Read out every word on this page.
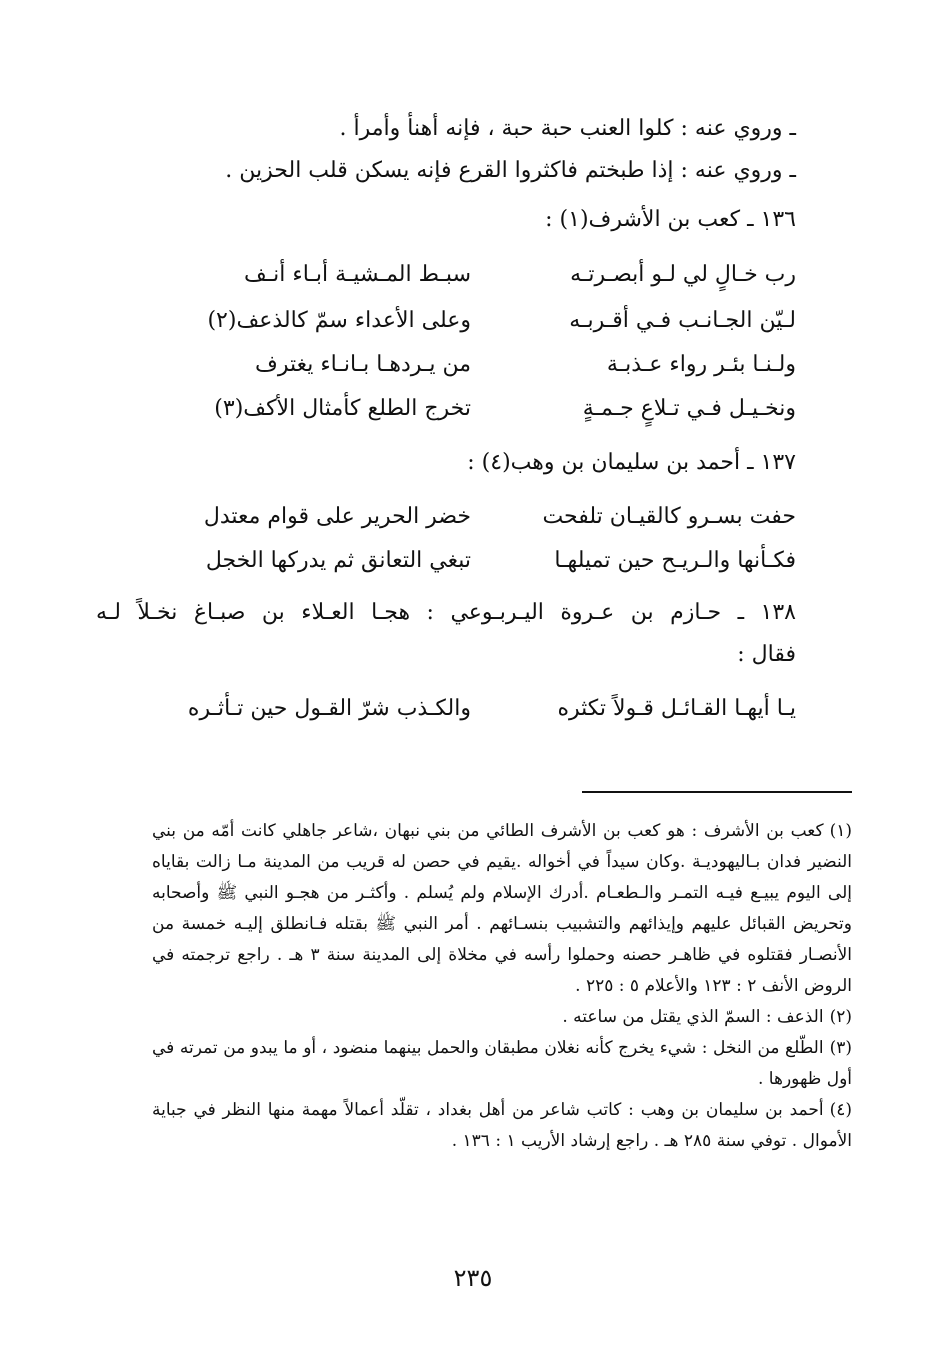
ـ وروي عنه : كلوا العنب حبة حبة ، فإنه أهنأ وأمرأ .
ـ وروي عنه : إذا طبختم فاكثروا القرع فإنه يسكن قلب الحزين .
١٣٦ ـ كعب بن الأشرف(١) :
رب خـالٍ لي لـو أبصـرتـه
سبـط المـشيـة أبـاء أنـف
لـيّن الجـانـب فـي أقـربـه
وعلى الأعداء سمّ كالذعف(٢)
ولـنـا بئـر رواء عـذبـة
من يـردهـا بـانـاء يغترف
ونخـيـل فـي تـلاعٍ جـمـةٍ
تخرج الطلع كأمثال الأكف(٣)
١٣٧ ـ أحمد بن سليمان بن وهب(٤) :
حفت بسـرو كالقيـان تلفحت
خضر الحرير على قوام معتدل
فكـأنها والـريـح حين تميلهـا
تبغي التعانق ثم يدركها الخجل
١٣٨ ـ حـازم بن عـروة اليـربـوعي : هجـا العـلاء بن صبـاغ نخـلاً لـه
فقال :
يـا أيهـا القـائـل قـولاً تكثره
والكـذب شرّ القـول حين تـأثـره

(١)كعب بن الأشرف : هو كعب بن الأشرف الطائي من بني نبهان ،شاعر جاهلي كانت أمّه من بني النضير فدان بـاليهوديـة .وكان سيداً في أخواله .يقيم في حصن له قريب من المدينة مـا زالت بقاياه إلى اليوم يبيـع فيـه التمـر والـطعـام .أدرك الإسلام ولم يُسلم . وأكثـر من هجـو النبي ﷺ وأصحابه وتحريض القبائل عليهم وإيذائهم والتشبيب بنسـائهم . أمر النبي ﷺ بقتله فـانطلق إليـه خمسة من الأنصـار فقتلوه في ظاهـر حصنه وحملوا رأسه في مخلاة إلى المدينة سنة ٣ هـ . راجع ترجمته في الروض الأنف ٢ : ١٢٣ والأعلام ٥ : ٢٢٥ .

(٢)الذعف : السمّ الذي يقتل من ساعته .

(٣)الطّلع من النخل : شيء يخرج كأنه نغلان مطبقان والحمل بينهما منضود ، أو ما يبدو من تمرته في أول ظهورها .

(٤)أحمد بن سليمان بن وهب : كاتب شاعر من أهل بغداد ، تقلّد أعمالاً مهمة منها النظر في جباية الأموال . توفي سنة ٢٨٥ هـ . راجع إرشاد الأريب ١ : ١٣٦ .

٢٣٥
